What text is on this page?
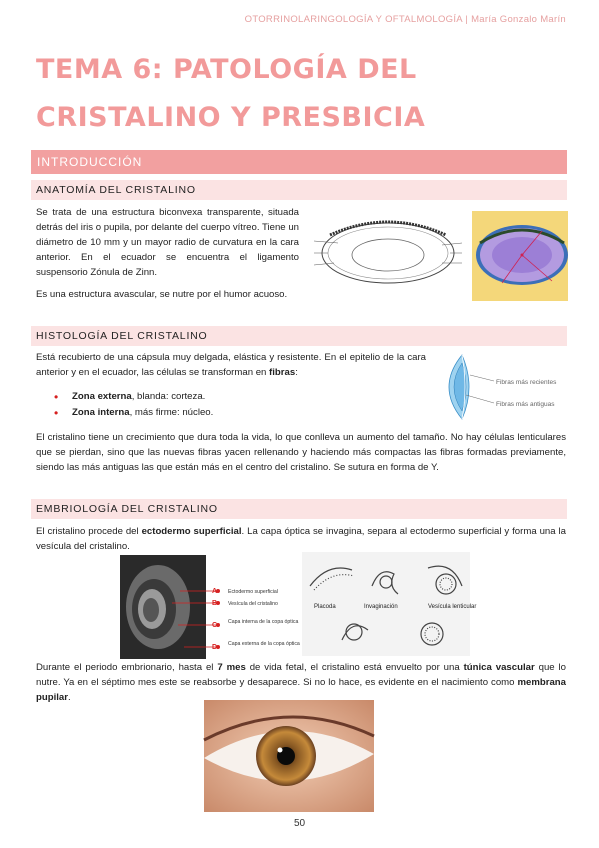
OTORRINOLARINGOLOGÍA Y OFTALMOLOGÍA | María Gonzalo Marín
TEMA 6: PATOLOGÍA DEL CRISTALINO Y PRESBICIA
INTRODUCCIÓN
ANATOMÍA DEL CRISTALINO
Se trata de una estructura biconvexa transparente, situada detrás del iris o pupila, por delante del cuerpo vítreo. Tiene un diámetro de 10 mm y un mayor radio de curvatura en la cara anterior. En el ecuador se encuentra el ligamento suspensorio Zónula de Zinn.
Es una estructura avascular, se nutre por el humor acuoso.
HISTOLOGÍA DEL CRISTALINO
Está recubierto de una cápsula muy delgada, elástica y resistente. En el epitelio de la cara anterior y en el ecuador, las células se transforman en fibras:
• Zona externa, blanda: corteza.
• Zona interna, más firme: núcleo.
Fibras más recientes
Fibras más antiguas
El cristalino tiene un crecimiento que dura toda la vida, lo que conlleva un aumento del tamaño. No hay células lenticulares que se pierdan, sino que las nuevas fibras yacen rellenando y haciendo más compactas las fibras formadas previamente, siendo las más antiguas las que están más en el centro del cristalino. Se sutura en forma de Y.
EMBRIOLOGÍA DEL CRISTALINO
El cristalino procede del ectodermo superficial. La capa óptica se invagina, separa al ectodermo superficial y forma una la vesícula del cristalino.
A Ectodermo superficial
B Vesícula del cristalino
C Capa interna de la copa óptica
D Capa externa de la copa óptica
Placoda	Invaginación	Vesícula lenticular
Durante el periodo embrionario, hasta el 7 mes de vida fetal, el cristalino está envuelto por una túnica vascular que lo nutre. Ya en el séptimo mes este se reabsorbe y desaparece. Si no lo hace, es evidente en el nacimiento como membrana pupilar.
50
